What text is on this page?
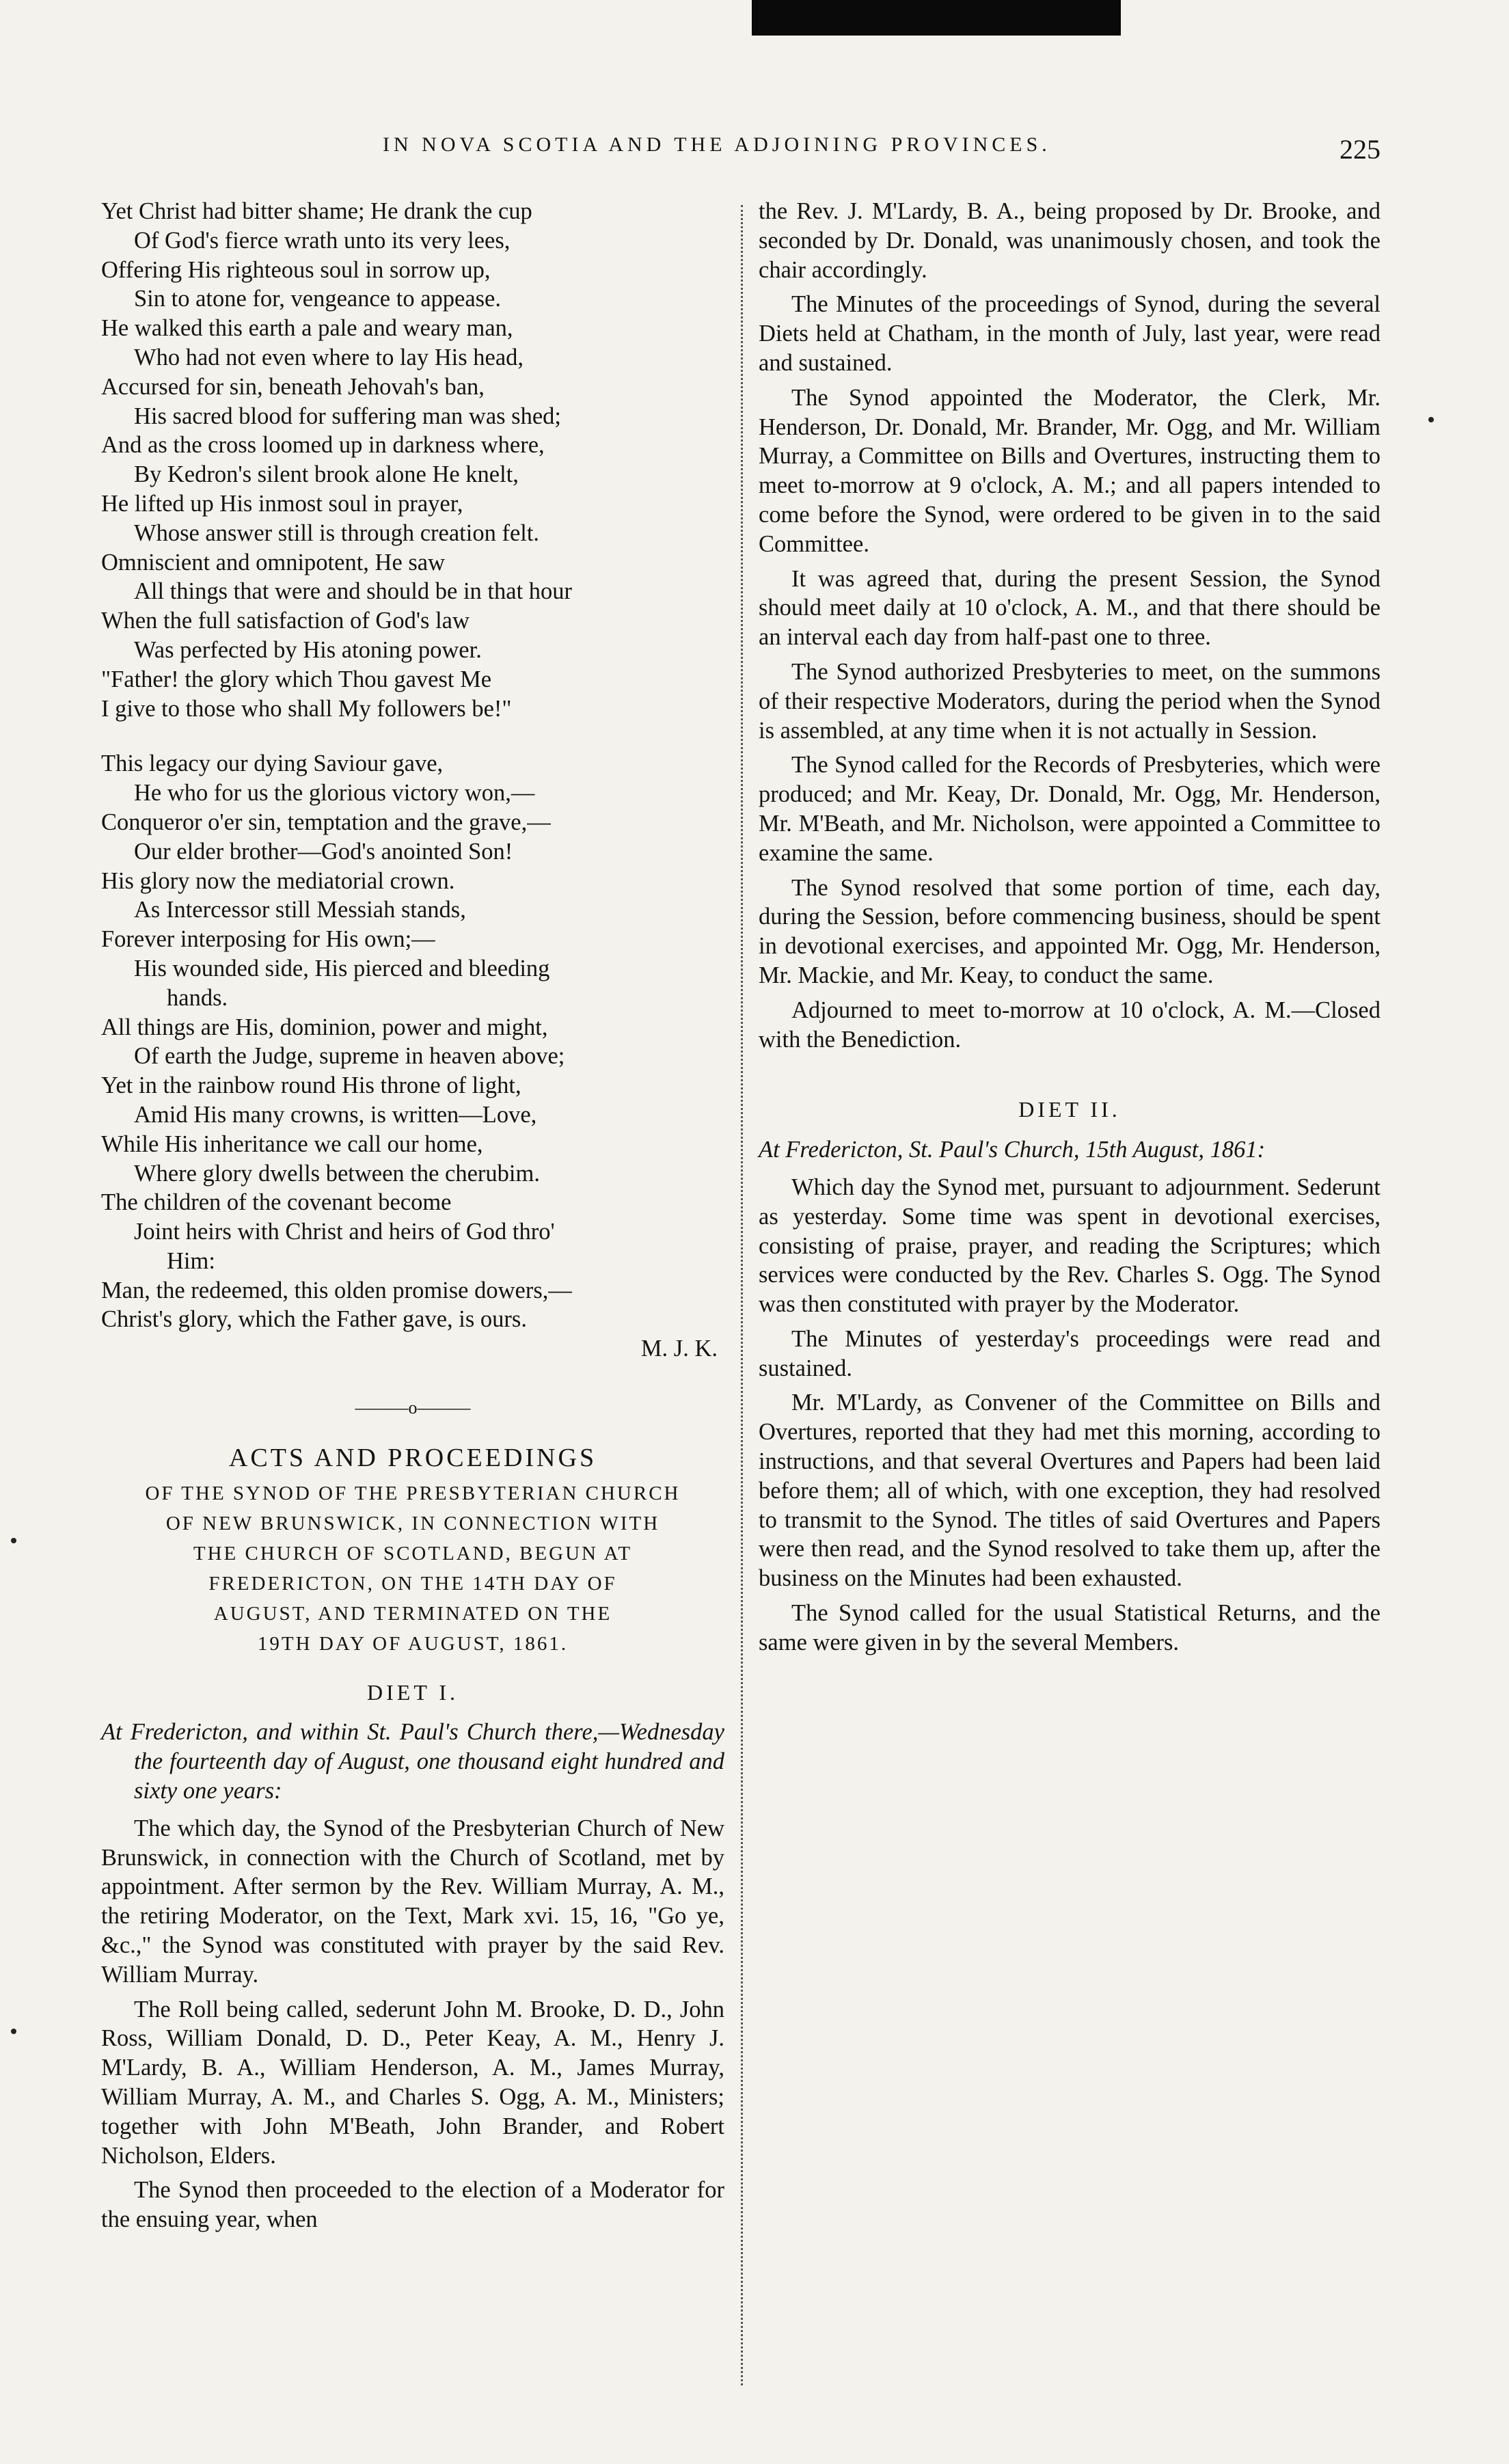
IN NOVA SCOTIA AND THE ADJOINING PROVINCES.	225
Yet Christ had bitter shame; He drank the cup
Of God's fierce wrath unto its very lees,
Offering His righteous soul in sorrow up,
Sin to atone for, vengeance to appease.
He walked this earth a pale and weary man,
Who had not even where to lay His head,
Accursed for sin, beneath Jehovah's ban,
His sacred blood for suffering man was shed;
And as the cross loomed up in darkness where,
By Kedron's silent brook alone He knelt,
He lifted up His inmost soul in prayer,
Whose answer still is through creation felt.
Omniscient and omnipotent, He saw
All things that were and should be in that hour
When the full satisfaction of God's law
Was perfected by His atoning power.
"Father! the glory which Thou gavest Me
I give to those who shall My followers be!"
This legacy our dying Saviour gave,
He who for us the glorious victory won,—
Conqueror o'er sin, temptation and the grave,—
Our elder brother—God's anointed Son!
His glory now the mediatorial crown.
As Intercessor still Messiah stands,
Forever interposing for His own;—
His wounded side, His pierced and bleeding
hands.
All things are His, dominion, power and might,
Of earth the Judge, supreme in heaven above;
Yet in the rainbow round His throne of light,
Amid His many crowns, is written—Love,
While His inheritance we call our home,
Where glory dwells between the cherubim.
The children of the covenant become
Joint heirs with Christ and heirs of God thro'
Him:
Man, the redeemed, this olden promise dowers,—
Christ's glory, which the Father gave, is ours.
M. J. K.
———o———
ACTS AND PROCEEDINGS
OF THE SYNOD OF THE PRESBYTERIAN CHURCH
OF NEW BRUNSWICK, IN CONNECTION WITH
THE CHURCH OF SCOTLAND, BEGUN AT
FREDERICTON, ON THE 14TH DAY OF
AUGUST, AND TERMINATED ON THE
19TH DAY OF AUGUST, 1861.
DIET I.

At Fredericton, and within St. Paul's Church there,—Wednesday the fourteenth day of August, one thousand eight hundred and sixty one years:

The which day, the Synod of the Presbyterian Church of New Brunswick, in connection with the Church of Scotland, met by appointment. After sermon by the Rev. William Murray, A. M., the retiring Moderator, on the Text, Mark xvi. 15, 16, "Go ye, &c.," the Synod was constituted with prayer by the said Rev. William Murray.

The Roll being called, sederunt John M. Brooke, D. D., John Ross, William Donald, D. D., Peter Keay, A. M., Henry J. M'Lardy, B. A., William Henderson, A. M., James Murray, William Murray, A. M., and Charles S. Ogg, A. M., Ministers; together with John M'Beath, John Brander, and Robert Nicholson, Elders.

The Synod then proceeded to the election of a Moderator for the ensuing year, when

the Rev. J. M'Lardy, B. A., being proposed by Dr. Brooke, and seconded by Dr. Donald, was unanimously chosen, and took the chair accordingly.

The Minutes of the proceedings of Synod, during the several Diets held at Chatham, in the month of July, last year, were read and sustained.

The Synod appointed the Moderator, the Clerk, Mr. Henderson, Dr. Donald, Mr. Brander, Mr. Ogg, and Mr. William Murray, a Committee on Bills and Overtures, instructing them to meet to-morrow at 9 o'clock, A. M.; and all papers intended to come before the Synod, were ordered to be given in to the said Committee.

It was agreed that, during the present Session, the Synod should meet daily at 10 o'clock, A. M., and that there should be an interval each day from half-past one to three.

The Synod authorized Presbyteries to meet, on the summons of their respective Moderators, during the period when the Synod is assembled, at any time when it is not actually in Session.

The Synod called for the Records of Presbyteries, which were produced; and Mr. Keay, Dr. Donald, Mr. Ogg, Mr. Henderson, Mr. M'Beath, and Mr. Nicholson, were appointed a Committee to examine the same.

The Synod resolved that some portion of time, each day, during the Session, before commencing business, should be spent in devotional exercises, and appointed Mr. Ogg, Mr. Henderson, Mr. Mackie, and Mr. Keay, to conduct the same.

Adjourned to meet to-morrow at 10 o'clock, A. M.—Closed with the Benediction.

DIET II.

At Fredericton, St. Paul's Church, 15th August, 1861:

Which day the Synod met, pursuant to adjournment. Sederunt as yesterday. Some time was spent in devotional exercises, consisting of praise, prayer, and reading the Scriptures; which services were conducted by the Rev. Charles S. Ogg. The Synod was then constituted with prayer by the Moderator.

The Minutes of yesterday's proceedings were read and sustained.

Mr. M'Lardy, as Convener of the Committee on Bills and Overtures, reported that they had met this morning, according to instructions, and that several Overtures and Papers had been laid before them; all of which, with one exception, they had resolved to transmit to the Synod. The titles of said Overtures and Papers were then read, and the Synod resolved to take them up, after the business on the Minutes had been exhausted.

The Synod called for the usual Statistical Returns, and the same were given in by the several Members.
